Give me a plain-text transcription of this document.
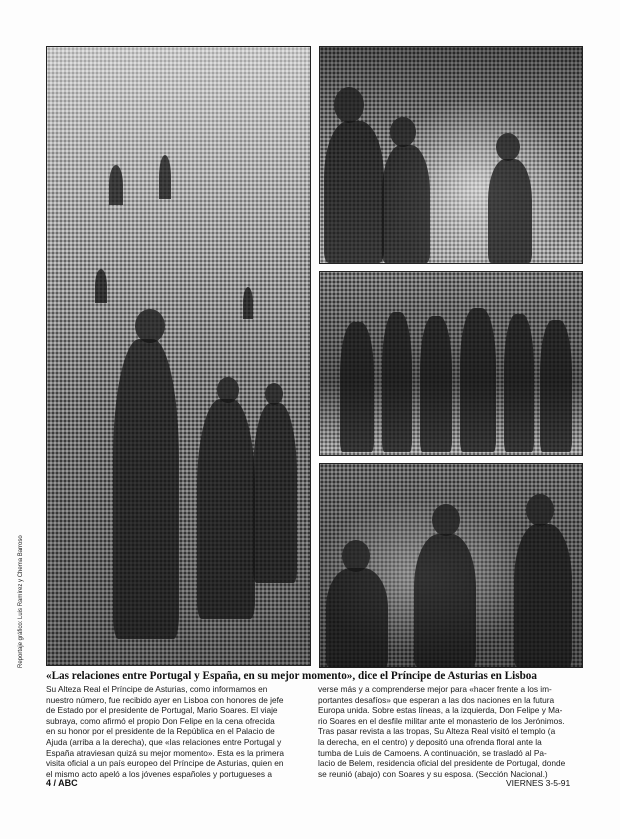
Reportaje gráfico: Luis Ramírez y Chema Barroso
«Las relaciones entre Portugal y España, en su mejor momento», dice el Príncipe de Asturias en Lisboa
Su Alteza Real el Príncipe de Asturias, como informamos en
nuestro número, fue recibido ayer en Lisboa con honores de jefe
de Estado por el presidente de Portugal, Mario Soares. El viaje
subraya, como afirmó el propio Don Felipe en la cena ofrecida
en su honor por el presidente de la República en el Palacio de
Ajuda (arriba a la derecha), que «las relaciones entre Portugal y
España atraviesan quizá su mejor momento». Esta es la primera
visita oficial a un país europeo del Príncipe de Asturias, quien en
el mismo acto apeló a los jóvenes españoles y portugueses a
verse más y a comprenderse mejor para «hacer frente a los im-
portantes desafíos» que esperan a las dos naciones en la futura
Europa unida. Sobre estas líneas, a la izquierda, Don Felipe y Ma-
rio Soares en el desfile militar ante el monasterio de los Jerónimos.
Tras pasar revista a las tropas, Su Alteza Real visitó el templo (a
la derecha, en el centro) y depositó una ofrenda floral ante la
tumba de Luis de Camoens. A continuación, se trasladó al Pa-
lacio de Belem, residencia oficial del presidente de Portugal, donde
se reunió (abajo) con Soares y su esposa. (Sección Nacional.)
4 / ABC	VIERNES 3-5-91
